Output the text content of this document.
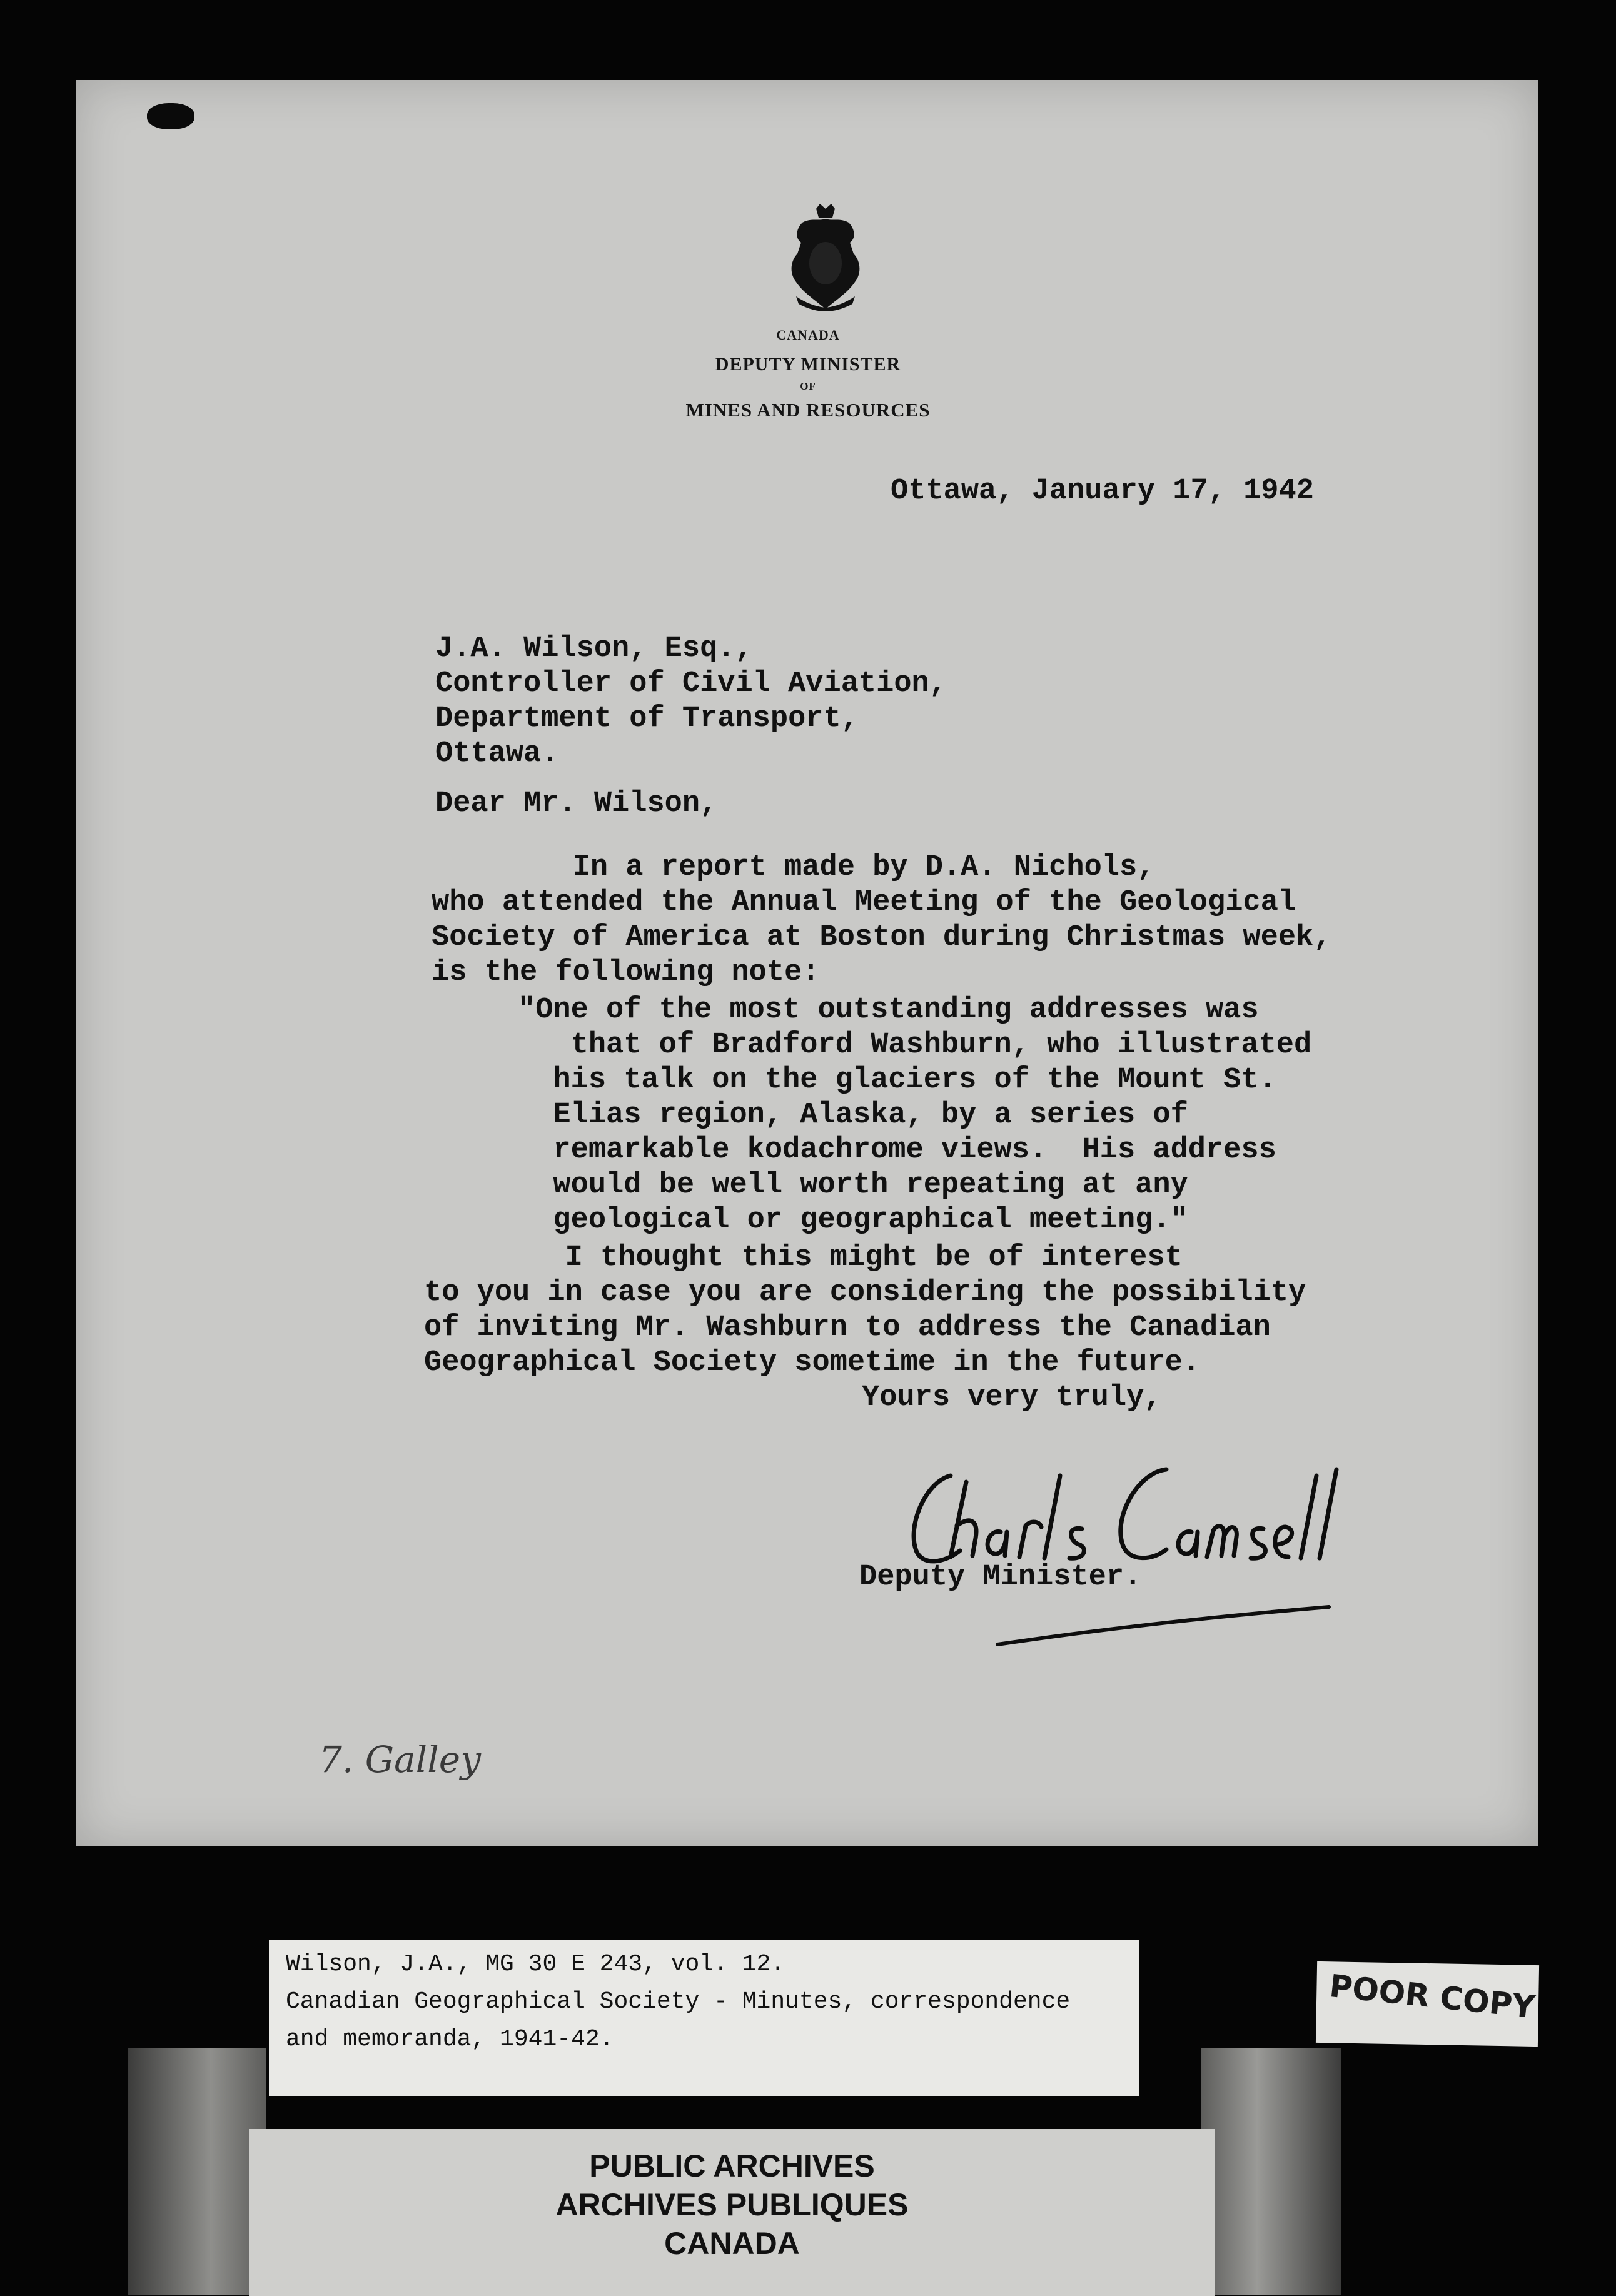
CANADA
DEPUTY MINISTER
OF
MINES AND RESOURCES
Ottawa, January 17, 1942
J.A. Wilson, Esq.,
Controller of Civil Aviation,
Department of Transport,
Ottawa.
Dear Mr. Wilson,
In a report made by D.A. Nichols,
who attended the Annual Meeting of the Geological
Society of America at Boston during Christmas week,
is the following note:
"One of the most outstanding addresses was
that of Bradford Washburn, who illustrated
his talk on the glaciers of the Mount St.
Elias region, Alaska, by a series of
remarkable kodachrome views.  His address
would be well worth repeating at any
geological or geographical meeting."
I thought this might be of interest
to you in case you are considering the possibility
of inviting Mr. Washburn to address the Canadian
Geographical Society sometime in the future.
Yours very truly,
Deputy Minister.
7. Galley
Wilson, J.A., MG 30 E 243, vol. 12.
Canadian Geographical Society - Minutes, correspondence
and memoranda, 1941-42.
POOR COPY
PUBLIC ARCHIVES
ARCHIVES PUBLIQUES
CANADA
